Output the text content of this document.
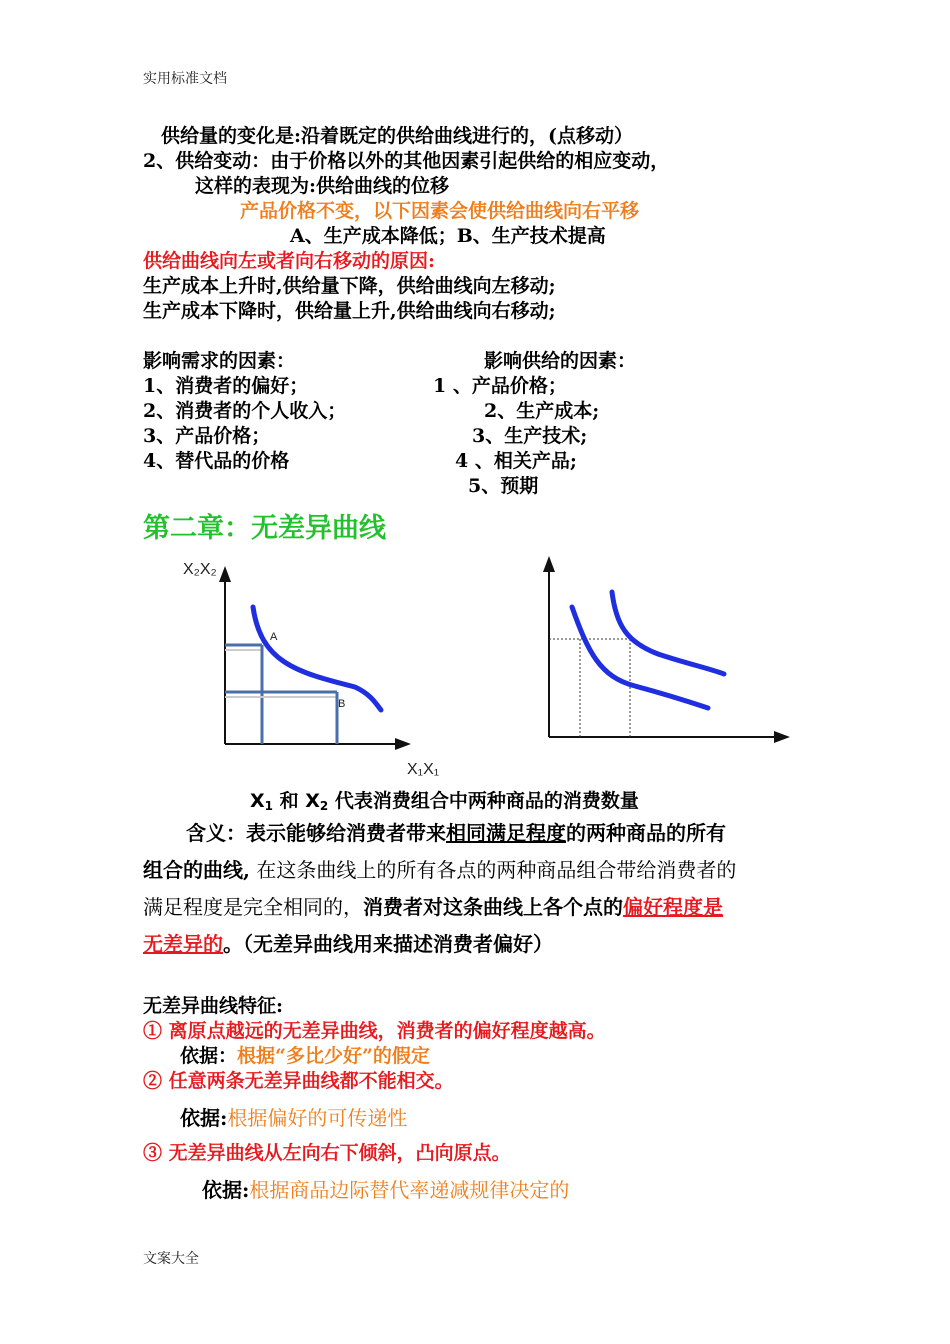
实用标准文档
供给量的变化是:沿着既定的供给曲线进行的，(点移动）
2、供给变动：由于价格以外的其他因素引起供给的相应变动，
这样的表现为:供给曲线的位移
产品价格不变，以下因素会使供给曲线向右平移
A、生产成本降低；B、生产技术提高
供给曲线向左或者向右移动的原因:
生产成本上升时,供给量下降，供给曲线向左移动;
生产成本下降时，供给量上升,供给曲线向右移动;
影响需求的因素：
1、消费者的偏好；
2、消费者的个人收入；
3、产品价格；
4、替代品的价格
影响供给的因素：
1 、产品价格；
2、生产成本;
3、生产技术;
4 、相关产品;
5、预期
第二章：无差异曲线
X₂X₂
A
B
X₁X₁
$X_1$ 和 $X_2$ 代表消费组合中两种商品的消费数量
含义：表示能够给消费者带来相同满足程度的两种商品的所有
组合的曲线, 在这条曲线上的所有各点的两种商品组合带给消费者的
满足程度是完全相同的，消费者对这条曲线上各个点的偏好程度是
无差异的。（无差异曲线用来描述消费者偏好）
无差异曲线特征:
① 离原点越远的无差异曲线，消费者的偏好程度越高。
依据：根据“多比少好”的假定
② 任意两条无差异曲线都不能相交。
依据:根据偏好的可传递性
③ 无差异曲线从左向右下倾斜，凸向原点。
依据:根据商品边际替代率递减规律决定的
文案大全
